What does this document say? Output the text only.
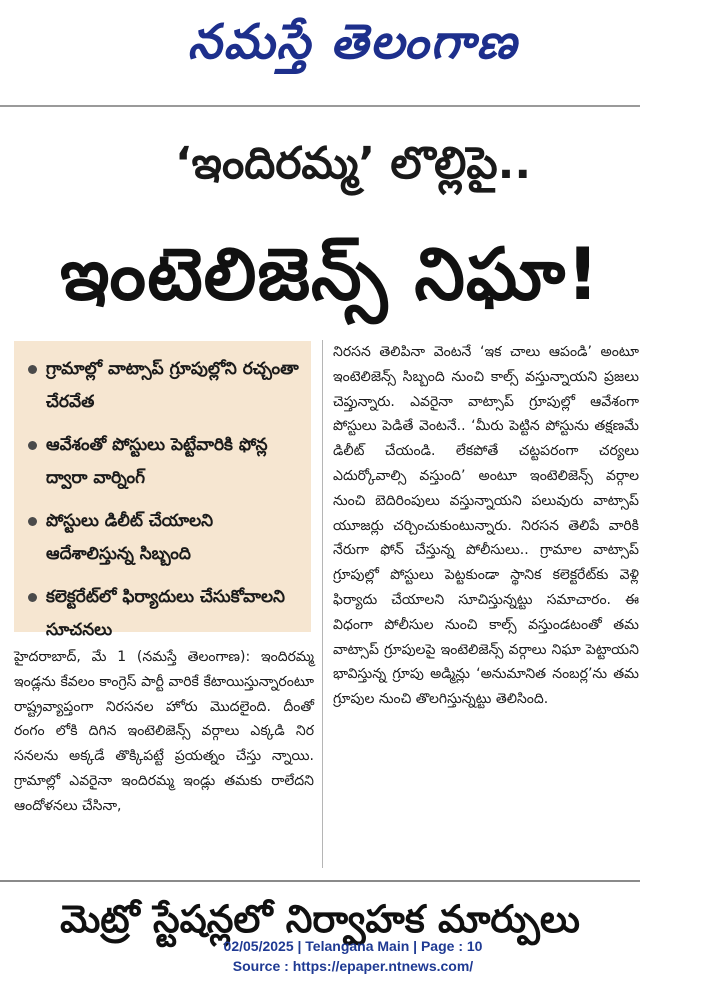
నమస్తే తెలంగాణ
‘ఇందిరమ్మ’ లొల్లిపై..
ఇంటెలిజెన్స్ నిఘా!
గ్రామాల్లో వాట్సాప్ గ్రూపుల్లోని రచ్చంతా చేరవేత
ఆవేశంతో పోస్టులు పెట్టేవారికి ఫోన్ల ద్వారా వార్నింగ్
పోస్టులు డిలీట్ చేయాలని ఆదేశాలిస్తున్న సిబ్బంది
కలెక్టరేట్‌లో ఫిర్యాదులు చేసుకోవాలని సూచనలు
హైదరాబాద్, మే 1 (నమస్తే తెలంగాణ): ఇందిరమ్మ ఇండ్లను కేవలం కాంగ్రెస్ పార్టీ వారికే కేటాయిస్తున్నారంటూ రాష్ట్రవ్యాప్తంగా నిరసనల హోరు మొదలైంది. దీంతో రంగం లోకి దిగిన ఇంటెలిజెన్స్ వర్గాలు ఎక్కడి నిర సనలను అక్కడే తొక్కిపట్టే ప్రయత్నం చేస్తు న్నాయి. గ్రామాల్లో ఎవరైనా ఇందిరమ్మ ఇండ్లు తమకు రాలేదని ఆందోళనలు చేసినా,
నిరసన తెలిపినా వెంటనే ‘ఇక చాలు ఆపండి’ అంటూ ఇంటెలిజెన్స్ సిబ్బంది నుంచి కాల్స్ వస్తున్నాయని ప్రజలు చెప్తున్నారు. ఎవరైనా వాట్సాప్ గ్రూపుల్లో ఆవేశంగా పోస్టులు పెడితే వెంటనే.. ‘మీరు పెట్టిన పోస్టును తక్షణమే డిలీట్ చేయండి. లేకపోతే చట్టపరంగా చర్యలు ఎదుర్కోవాల్సి వస్తుంది’ అంటూ ఇంటెలిజెన్స్ వర్గాల నుంచి బెదిరింపులు వస్తున్నాయని పలువురు వాట్సాప్ యూజర్లు చర్చించుకుంటున్నారు. నిరసన తెలిపే వారికి నేరుగా ఫోన్ చేస్తున్న పోలీసులు.. గ్రామాల వాట్సాప్ గ్రూపుల్లో పోస్టులు పెట్టకుండా స్థానిక కలెక్టరేట్‌కు వెళ్లి ఫిర్యాదు చేయాలని సూచిస్తున్నట్టు సమాచారం. ఈ విధంగా పోలీసుల నుంచి కాల్స్ వస్తుండటంతో తమ వాట్సాప్ గ్రూపులపై ఇంటెలిజెన్స్ వర్గాలు నిఘా పెట్టాయని భావిస్తున్న గ్రూపు అడ్మిన్లు ‘అనుమానిత నంబర్ల’ను తమ గ్రూపుల నుంచి తొలగిస్తున్నట్టు తెలిసింది.
మెట్రో స్టేషన్లలో నిర్వాహక మార్పులు
02/05/2025 | Telangana Main | Page : 10
Source : https://epaper.ntnews.com/
